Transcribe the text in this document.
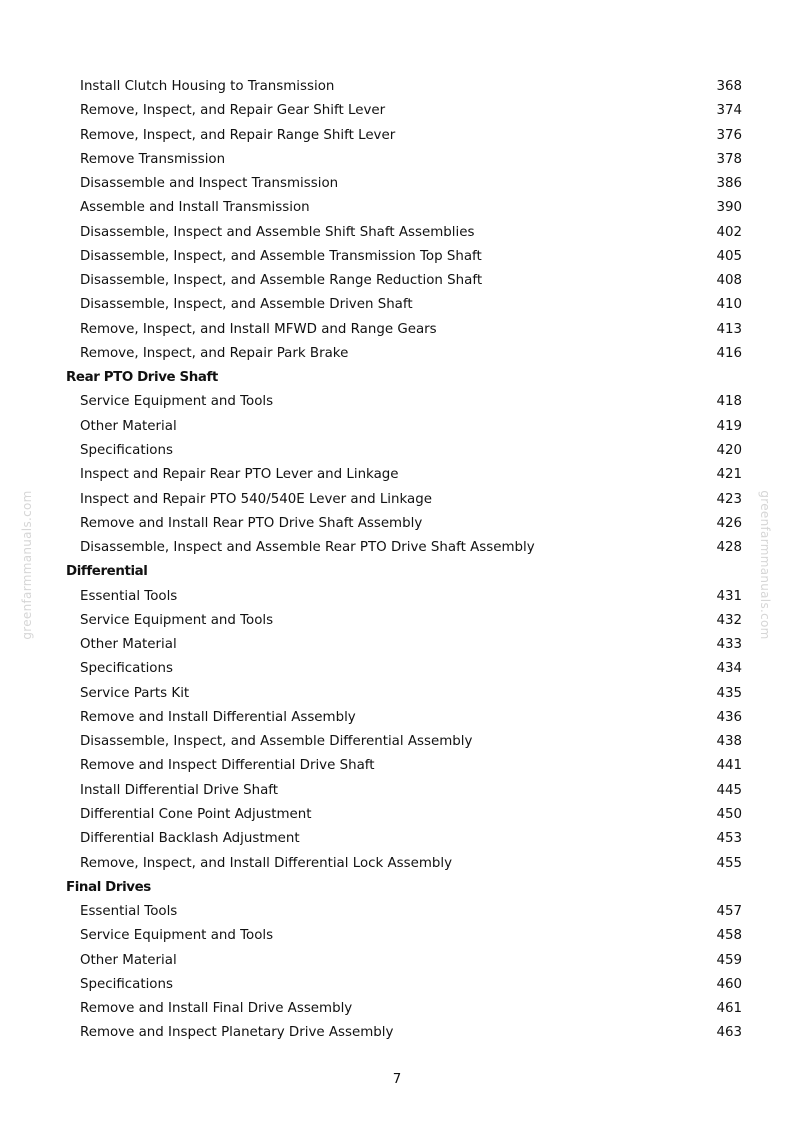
Install Clutch Housing to Transmission	368
Remove, Inspect, and Repair Gear Shift Lever	374
Remove, Inspect, and Repair Range Shift Lever	376
Remove Transmission	378
Disassemble and Inspect Transmission	386
Assemble and Install Transmission	390
Disassemble, Inspect and Assemble Shift Shaft Assemblies	402
Disassemble, Inspect, and Assemble Transmission Top Shaft	405
Disassemble, Inspect, and Assemble Range Reduction Shaft	408
Disassemble, Inspect, and Assemble Driven Shaft	410
Remove, Inspect, and Install MFWD and Range Gears	413
Remove, Inspect, and Repair Park Brake	416
Rear PTO Drive Shaft
Service Equipment and Tools	418
Other Material	419
Specifications	420
Inspect and Repair Rear PTO Lever and Linkage	421
Inspect and Repair PTO 540/540E Lever and Linkage	423
Remove and Install Rear PTO Drive Shaft Assembly	426
Disassemble, Inspect and Assemble Rear PTO Drive Shaft Assembly	428
Differential
Essential Tools	431
Service Equipment and Tools	432
Other Material	433
Specifications	434
Service Parts Kit	435
Remove and Install Differential Assembly	436
Disassemble, Inspect, and Assemble Differential Assembly	438
Remove and Inspect Differential Drive Shaft	441
Install Differential Drive Shaft	445
Differential Cone Point Adjustment	450
Differential Backlash Adjustment	453
Remove, Inspect, and Install Differential Lock Assembly	455
Final Drives
Essential Tools	457
Service Equipment and Tools	458
Other Material	459
Specifications	460
Remove and Install Final Drive Assembly	461
Remove and Inspect Planetary Drive Assembly	463
7
greenfarmmanuals.com	greenfarmmanuals.com
